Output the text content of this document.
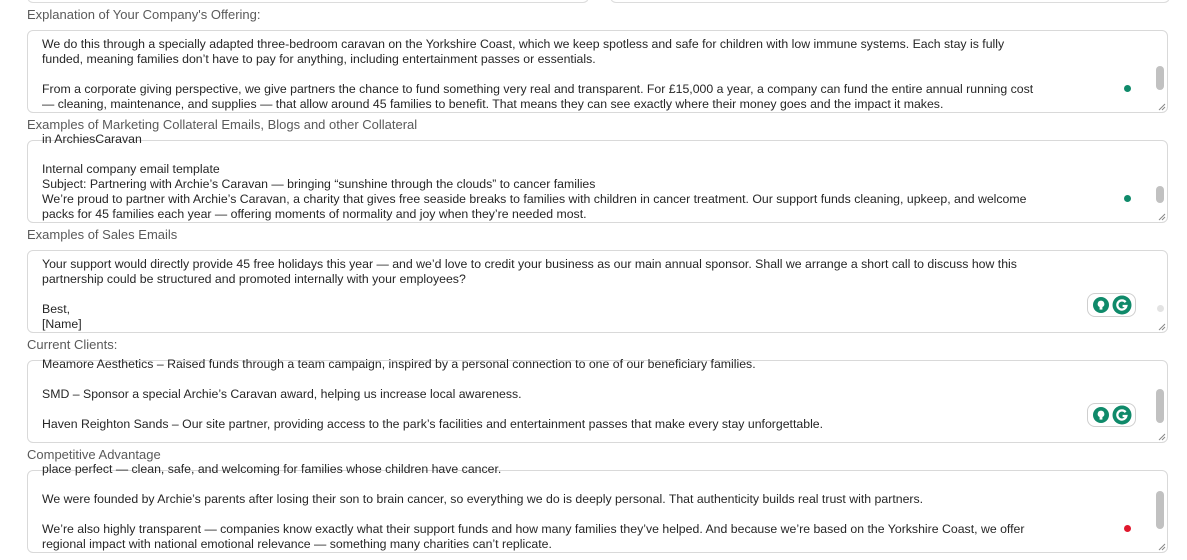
Explanation of Your Company's Offering:
We do this through a specially adapted three-bedroom caravan on the Yorkshire Coast, which we keep spotless and safe for children with low immune systems. Each stay is fully
funded, meaning families don’t have to pay for anything, including entertainment passes or essentials.

From a corporate giving perspective, we give partners the chance to fund something very real and transparent. For £15,000 a year, a company can fund the entire annual running cost
— cleaning, maintenance, and supplies — that allow around 45 families to benefit. That means they can see exactly where their money goes and the impact it makes.
Examples of Marketing Collateral Emails, Blogs and other Collateral
in ArchiesCaravan

Internal company email template
Subject: Partnering with Archie’s Caravan — bringing “sunshine through the clouds” to cancer families
We’re proud to partner with Archie’s Caravan, a charity that gives free seaside breaks to families with children in cancer treatment. Our support funds cleaning, upkeep, and welcome
packs for 45 families each year — offering moments of normality and joy when they’re needed most.
Examples of Sales Emails
Your support would directly provide 45 free holidays this year — and we’d love to credit your business as our main annual sponsor. Shall we arrange a short call to discuss how this
partnership could be structured and promoted internally with your employees?

Best,
[Name]
Current Clients:
Meamore Aesthetics – Raised funds through a team campaign, inspired by a personal connection to one of our beneficiary families.

SMD – Sponsor a special Archie’s Caravan award, helping us increase local awareness.

Haven Reighton Sands – Our site partner, providing access to the park’s facilities and entertainment passes that make every stay unforgettable.
Competitive Advantage
place perfect — clean, safe, and welcoming for families whose children have cancer.

We were founded by Archie’s parents after losing their son to brain cancer, so everything we do is deeply personal. That authenticity builds real trust with partners.

We’re also highly transparent — companies know exactly what their support funds and how many families they’ve helped. And because we’re based on the Yorkshire Coast, we offer
regional impact with national emotional relevance — something many charities can’t replicate.
